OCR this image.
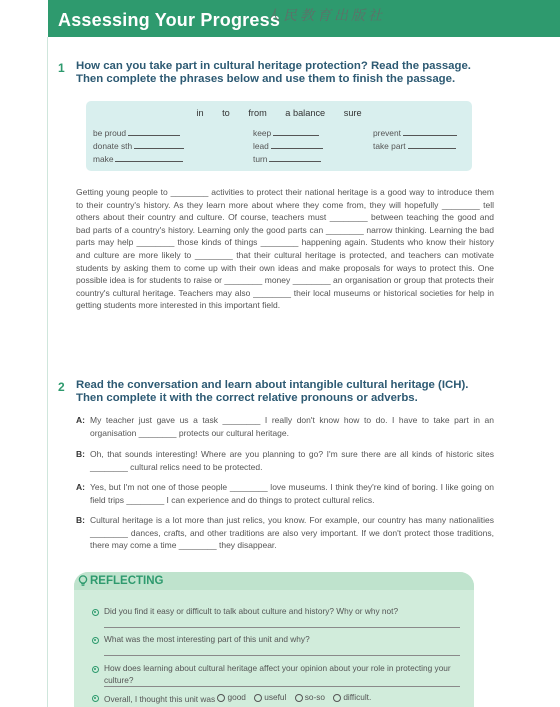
Assessing Your Progress
人民教育出版社
1 How can you take part in cultural heritage protection? Read the passage.
Then complete the phrases below and use them to finish the passage.
in to from a balance sure
be proud	keep	prevent
donate sth	lead	take part
make	turn
Getting young people to ________ activities to protect their national heritage is a good way to introduce them to their country's history. As they learn more about where they come from, they will hopefully ________ tell others about their country and culture. Of course, teachers must ________ between teaching the good and bad parts of a country's history. Learning only the good parts can ________ narrow thinking. Learning the bad parts may help ________ those kinds of things ________ happening again. Students who know their history and culture are more likely to ________ that their cultural heritage is protected, and teachers can motivate students by asking them to come up with their own ideas and make proposals for ways to protect this. One possible idea is for students to raise or ________ money ________ an organisation or group that protects their country's cultural heritage. Teachers may also ________ their local museums or historical societies for help in getting students more interested in this important field.
2 Read the conversation and learn about intangible cultural heritage (ICH).
Then complete it with the correct relative pronouns or adverbs.
A: My teacher just gave us a task ________ I really don't know how to do. I have to take part in an organisation ________ protects our cultural heritage.
B: Oh, that sounds interesting! Where are you planning to go? I'm sure there are all kinds of historic sites ________ cultural relics need to be protected.
A: Yes, but I'm not one of those people ________ love museums. I think they're kind of boring. I like going on field trips ________ I can experience and do things to protect cultural relics.
B: Cultural heritage is a lot more than just relics, you know. For example, our country has many nationalities ________ dances, crafts, and other traditions are also very important. If we don't protect those traditions, there may come a time ________ they disappear.
REFLECTING
Did you find it easy or difficult to talk about culture and history? Why or why not?
What was the most interesting part of this unit and why?
How does learning about cultural heritage affect your opinion about your role in protecting your culture?
Overall, I thought this unit was good
useful
so-so
difficult.
